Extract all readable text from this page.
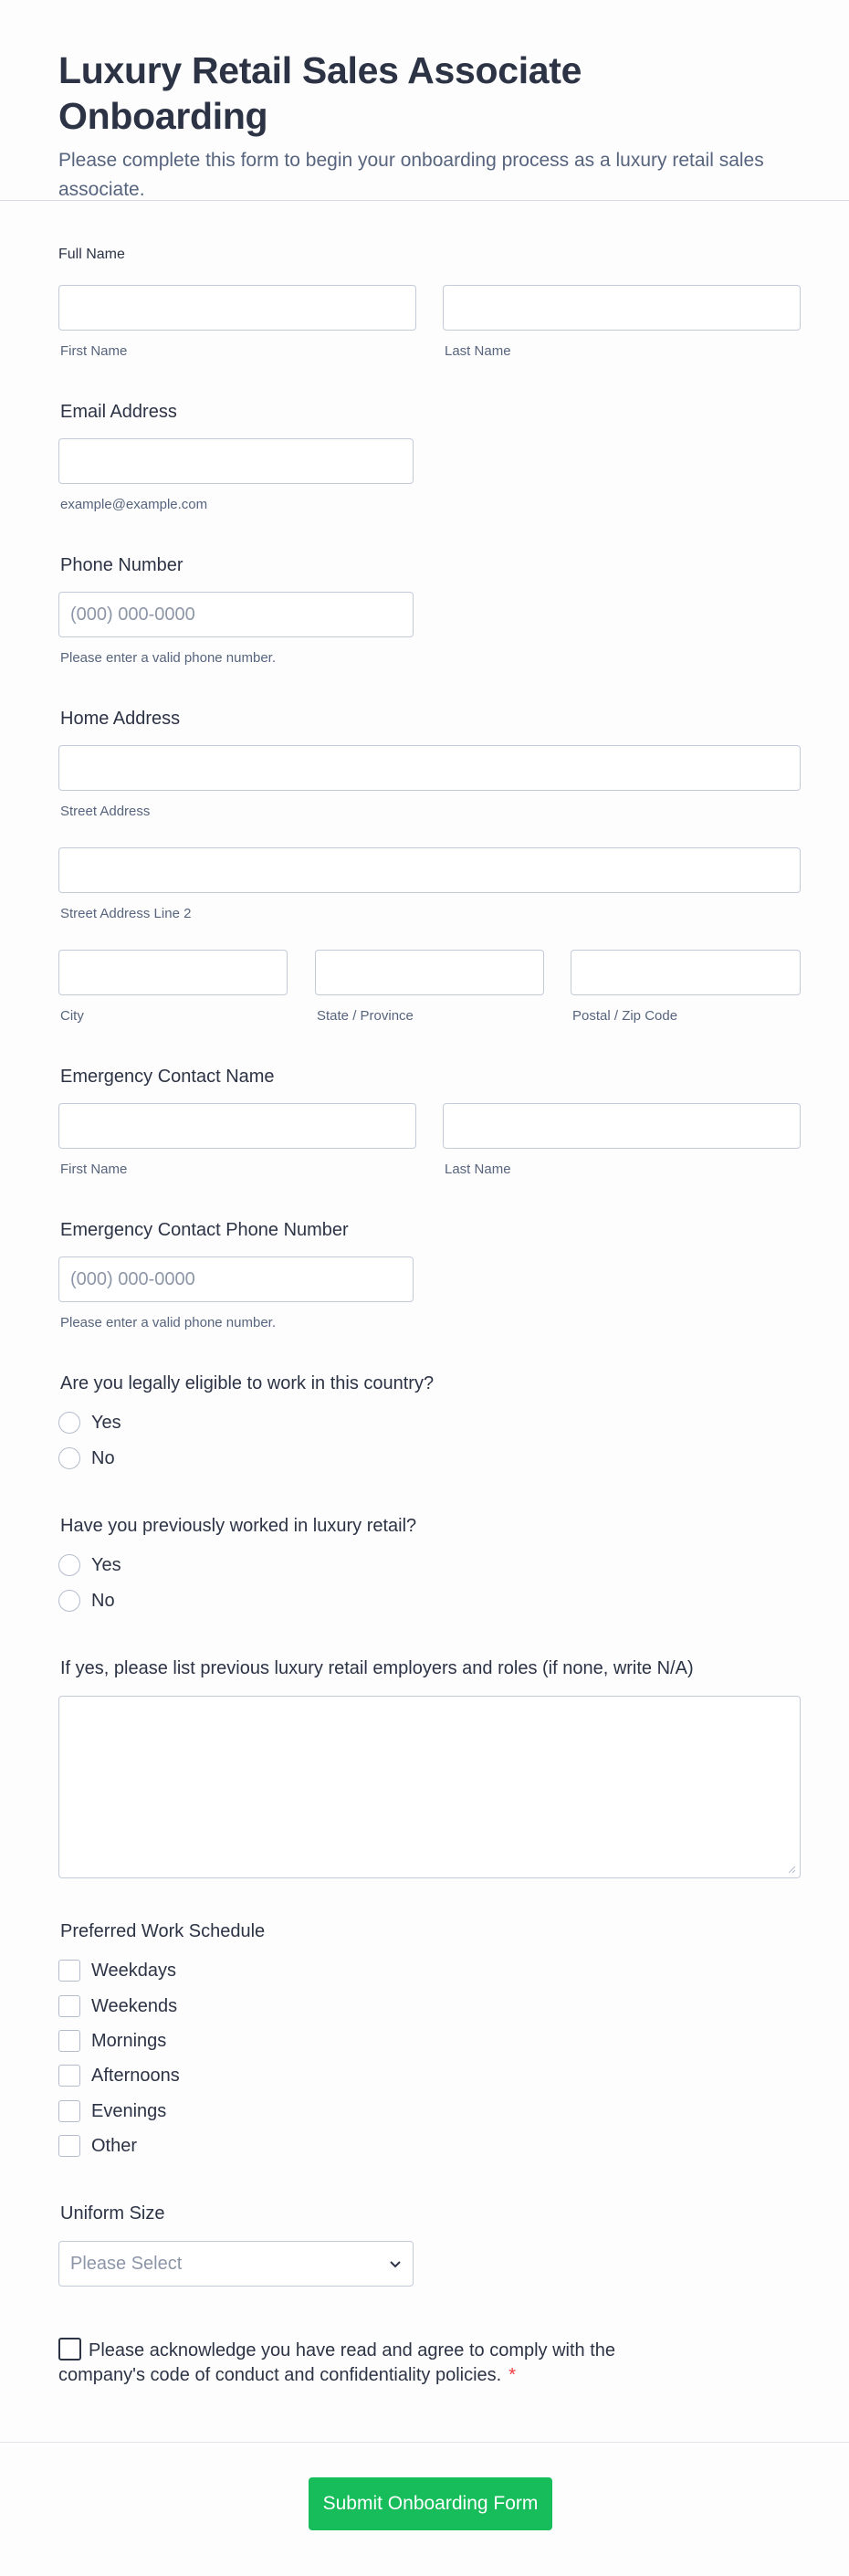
Luxury Retail Sales Associate Onboarding

Please complete this form to begin your onboarding process as a luxury retail sales associate.

Full Name
First Name	Last Name
Email Address
example@example.com
Phone Number
(000) 000-0000
Please enter a valid phone number.
Home Address
Street Address
Street Address Line 2
City	State / Province	Postal / Zip Code
Emergency Contact Name
First Name	Last Name
Emergency Contact Phone Number
(000) 000-0000
Please enter a valid phone number.
Are you legally eligible to work in this country?
Yes
No
Have you previously worked in luxury retail?
Yes
No
If yes, please list previous luxury retail employers and roles (if none, write N/A)
Preferred Work Schedule
Weekdays
Weekends
Mornings
Afternoons
Evenings
Other
Uniform Size
Please Select
Please acknowledge you have read and agree to comply with the company's code of conduct and confidentiality policies. *
Submit Onboarding Form
